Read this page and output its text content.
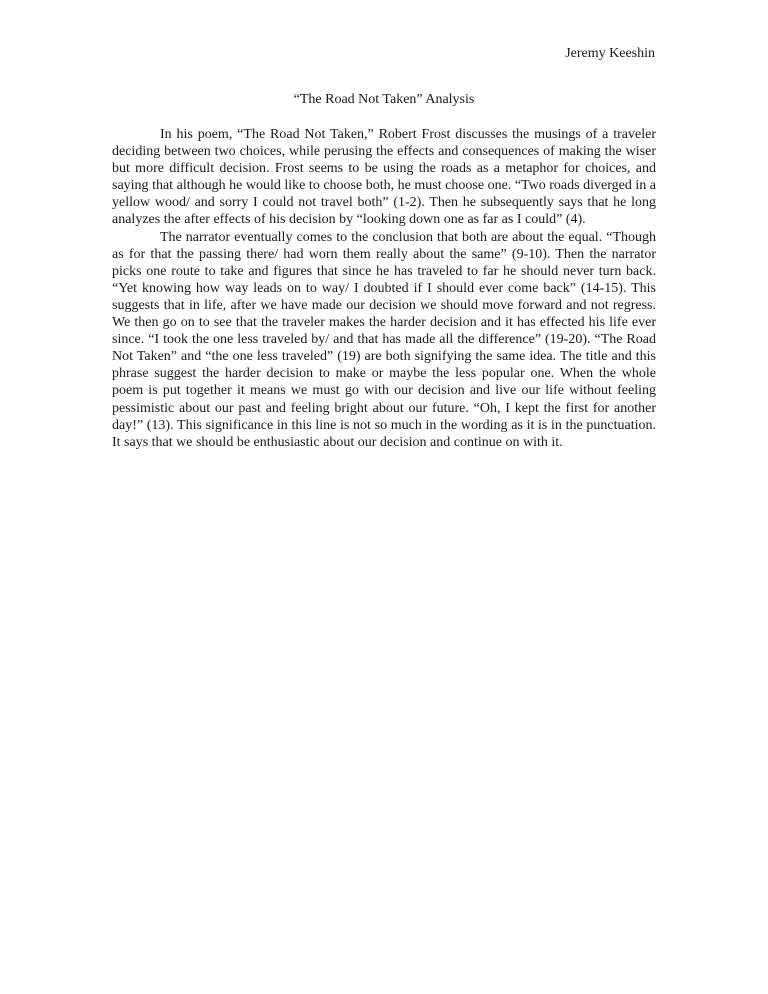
Jeremy Keeshin
“The Road Not Taken” Analysis

In his poem, “The Road Not Taken,” Robert Frost discusses the musings of a traveler deciding between two choices, while perusing the effects and consequences of making the wiser but more difficult decision. Frost seems to be using the roads as a metaphor for choices, and saying that although he would like to choose both, he must choose one. “Two roads diverged in a yellow wood/ and sorry I could not travel both” (1-2). Then he subsequently says that he long analyzes the after effects of his decision by “looking down one as far as I could” (4).

The narrator eventually comes to the conclusion that both are about the equal. “Though as for that the passing there/ had worn them really about the same” (9-10). Then the narrator picks one route to take and figures that since he has traveled to far he should never turn back. “Yet knowing how way leads on to way/ I doubted if I should ever come back” (14-15). This suggests that in life, after we have made our decision we should move forward and not regress. We then go on to see that the traveler makes the harder decision and it has effected his life ever since. “I took the one less traveled by/ and that has made all the difference” (19-20). “The Road Not Taken” and “the one less traveled” (19) are both signifying the same idea. The title and this phrase suggest the harder decision to make or maybe the less popular one. When the whole poem is put together it means we must go with our decision and live our life without feeling pessimistic about our past and feeling bright about our future. “Oh, I kept the first for another day!” (13). This significance in this line is not so much in the wording as it is in the punctuation. It says that we should be enthusiastic about our decision and continue on with it.
